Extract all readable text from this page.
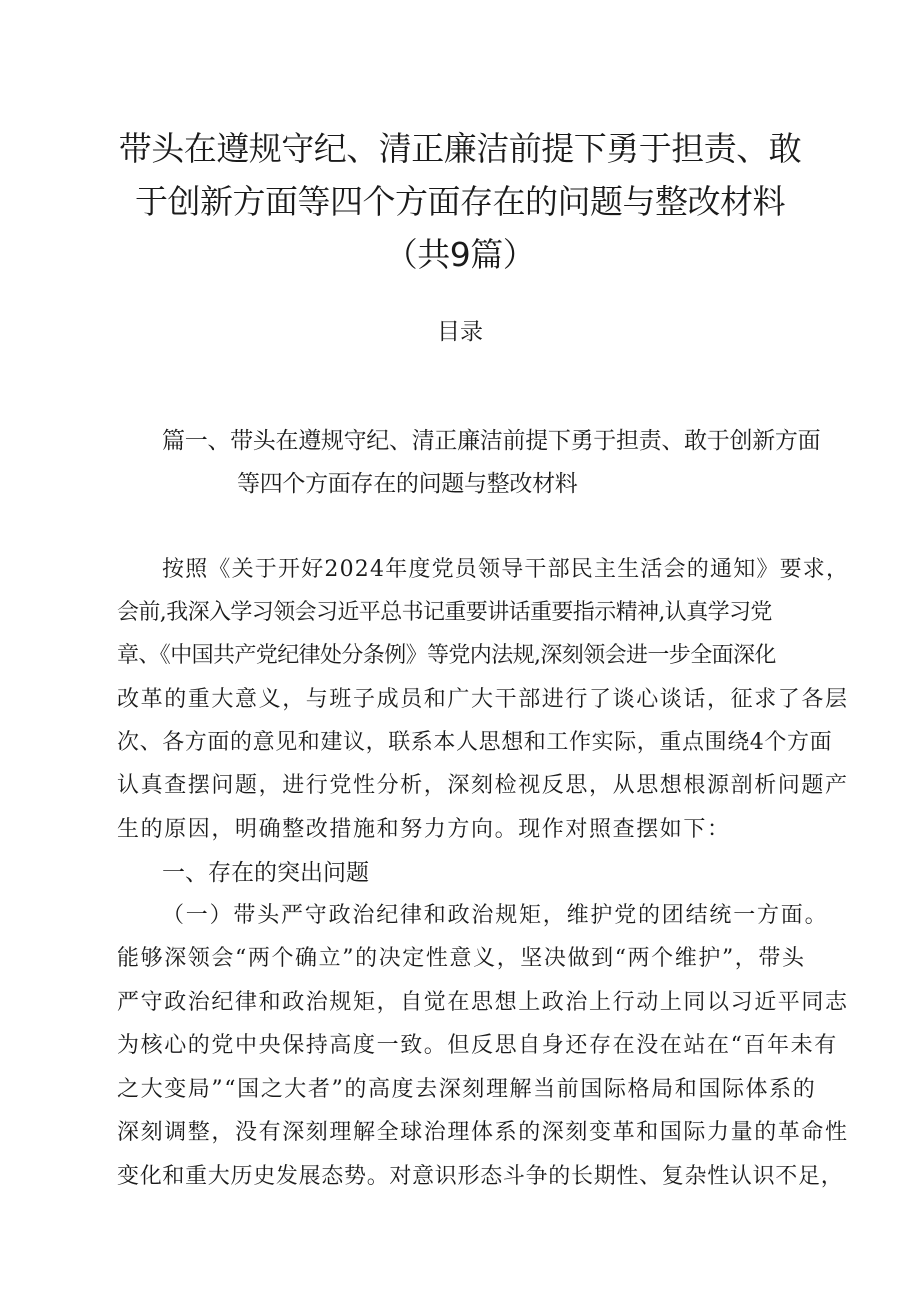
带头在遵规守纪、清正廉洁前提下勇于担责、敢
于创新方面等四个方面存在的问题与整改材料
（共9篇）
目录
篇一、带头在遵规守纪、清正廉洁前提下勇于担责、敢于创新方面
等四个方面存在的问题与整改材料
按照《关于开好2024年度党员领导干部民主生活会的通知》要求，
会前,我深入学习领会习近平总书记重要讲话重要指示精神,认真学习党
章、《中国共产党纪律处分条例》等党内法规,深刻领会进一步全面深化
改革的重大意义，与班子成员和广大干部进行了谈心谈话，征求了各层
次、各方面的意见和建议，联系本人思想和工作实际，重点围绕4个方面
认真查摆问题，进行党性分析，深刻检视反思，从思想根源剖析问题产
生的原因，明确整改措施和努力方向。现作对照查摆如下：
一、存在的突出问题
（一）带头严守政治纪律和政治规矩，维护党的团结统一方面。
能够深领会“两个确立”的决定性意义，坚决做到“两个维护”，带头
严守政治纪律和政治规矩，自觉在思想上政治上行动上同以习近平同志
为核心的党中央保持高度一致。但反思自身还存在没在站在“百年未有
之大变局”“国之大者”的高度去深刻理解当前国际格局和国际体系的
深刻调整，没有深刻理解全球治理体系的深刻变革和国际力量的革命性
变化和重大历史发展态势。对意识形态斗争的长期性、复杂性认识不足，
